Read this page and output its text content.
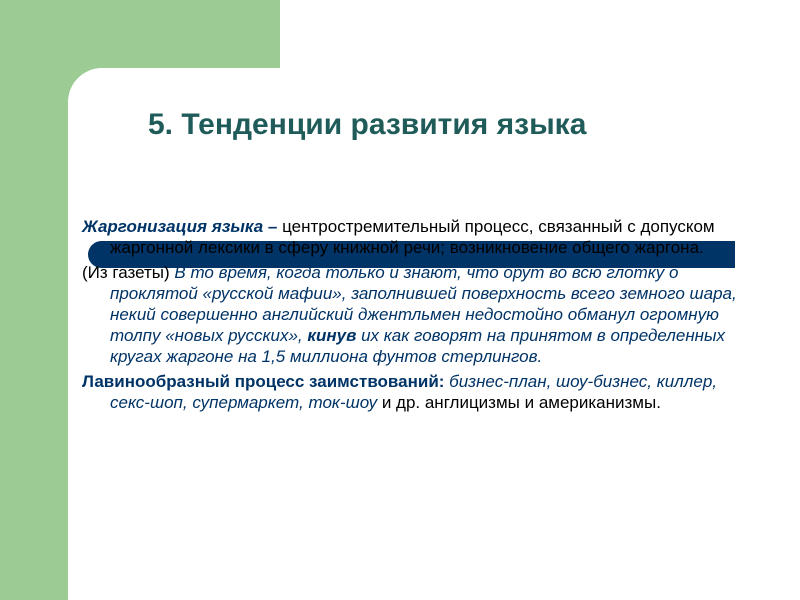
5. Тенденции развития языка

Жаргонизация языка – центростремительный процесс, связанный с допуском жаргонной лексики в сферу книжной речи; возникновение общего жаргона.

(Из газеты) В то время, когда только и знают, что орут во всю глотку о проклятой «русской мафии», заполнившей поверхность всего земного шара, некий совершенно английский джентльмен недостойно обманул огромную толпу «новых русских», кинув их как говорят на принятом в определенных кругах жаргоне на 1,5 миллиона фунтов стерлингов.

Лавинообразный процесс заимствований: бизнес-план, шоу-бизнес, киллер, секс-шоп, супермаркет, ток-шоу и др. англицизмы и американизмы.
